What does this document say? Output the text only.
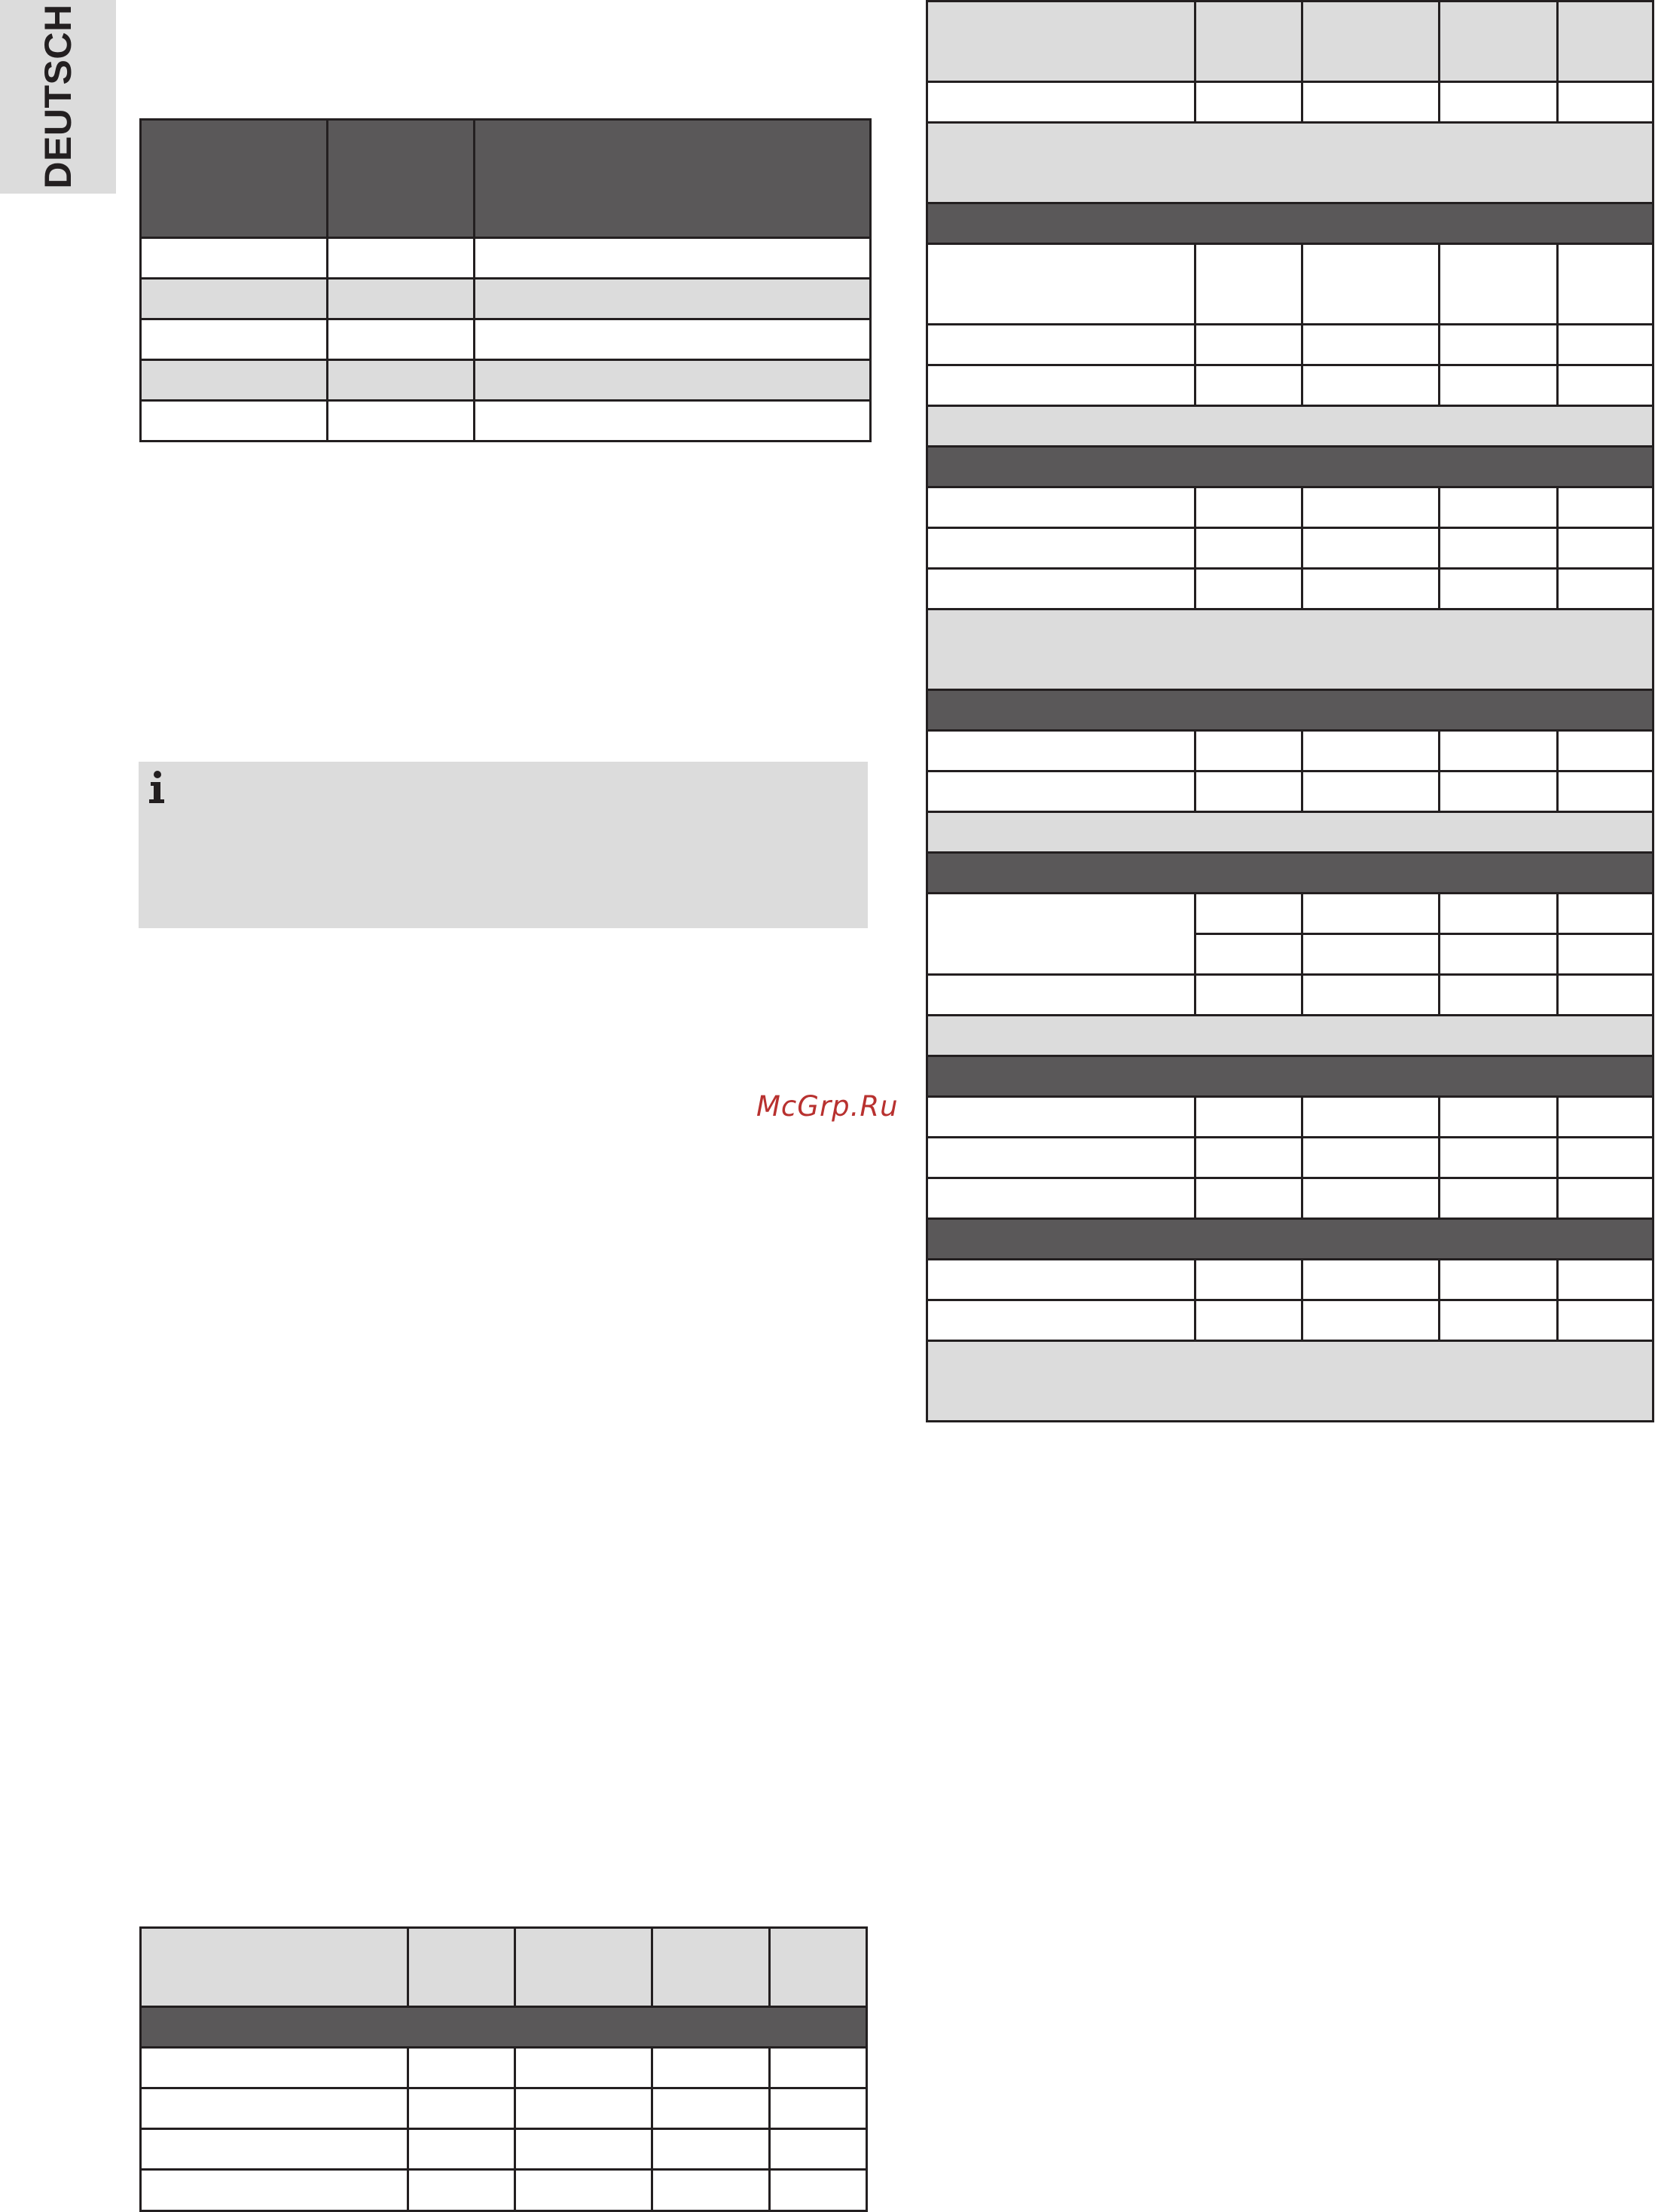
DEUTSCH

McGrp.Ru
